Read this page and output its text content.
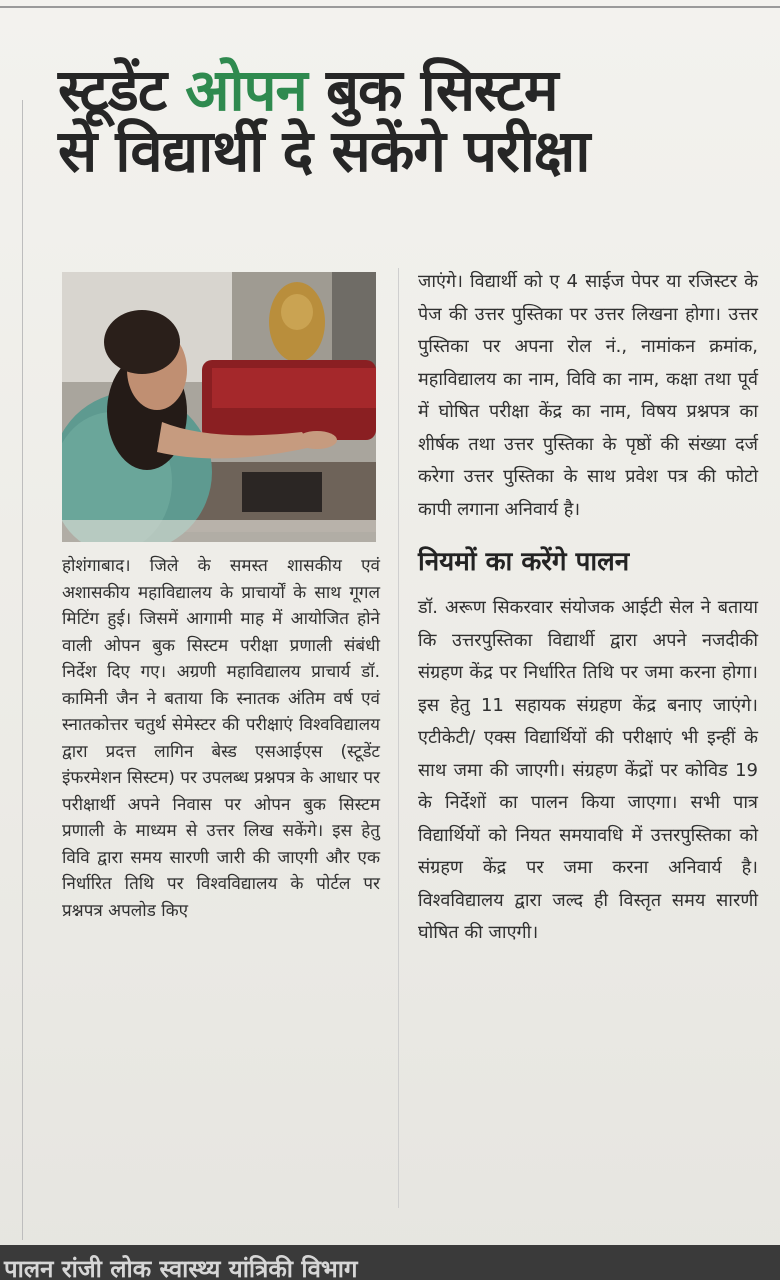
स्टूडेंट ओपन बुक सिस्टम
से विद्यार्थी दे सकेंगे परीक्षा

होशंगाबाद। जिले के समस्त शासकीय एवं अशासकीय महाविद्यालय के प्राचार्यों के साथ गूगल मिटिंग हुई। जिसमें आगामी माह में आयोजित होने वाली ओपन बुक सिस्टम परीक्षा प्रणाली संबंधी निर्देश दिए गए। अग्रणी महाविद्यालय प्राचार्य डॉ. कामिनी जैन ने बताया कि स्नातक अंतिम वर्ष एवं स्नातकोत्तर चतुर्थ सेमेस्टर की परीक्षाएं विश्वविद्यालय द्वारा प्रदत्त लागिन बेस्ड एसआईएस (स्टूडेंट इंफरमेशन सिस्टम) पर उपलब्ध प्रश्नपत्र के आधार पर परीक्षार्थी अपने निवास पर ओपन बुक सिस्टम प्रणाली के माध्यम से उत्तर लिख सकेंगे। इस हेतु विवि द्वारा समय सारणी जारी की जाएगी और एक निर्धारित तिथि पर विश्वविद्यालय के पोर्टल पर प्रश्नपत्र अपलोड किए

जाएंगे। विद्यार्थी को ए 4 साईज पेपर या रजिस्टर के पेज की उत्तर पुस्तिका पर उत्तर लिखना होगा। उत्तर पुस्तिका पर अपना रोल नं., नामांकन क्रमांक, महाविद्यालय का नाम, विवि का नाम, कक्षा तथा पूर्व में घोषित परीक्षा केंद्र का नाम, विषय प्रश्नपत्र का शीर्षक तथा उत्तर पुस्तिका के पृष्ठों की संख्या दर्ज करेगा उत्तर पुस्तिका के साथ प्रवेश पत्र की फोटो कापी लगाना अनिवार्य है।

नियमों का करेंगे पालन

डॉ. अरूण सिकरवार संयोजक आईटी सेल ने बताया कि उत्तरपुस्तिका विद्यार्थी द्वारा अपने नजदीकी संग्रहण केंद्र पर निर्धारित तिथि पर जमा करना होगा। इस हेतु 11 सहायक संग्रहण केंद्र बनाए जाएंगे। एटीकेटी/ एक्स विद्यार्थियों की परीक्षाएं भी इन्हीं के साथ जमा की जाएगी। संग्रहण केंद्रों पर कोविड 19 के निर्देशों का पालन किया जाएगा। सभी पात्र विद्यार्थियों को नियत समयावधि में उत्तरपुस्तिका को संग्रहण केंद्र पर जमा करना अनिवार्य है। विश्वविद्यालय द्वारा जल्द ही विस्तृत समय सारणी घोषित की जाएगी।

पालन रांजी लोक स्वास्थ्य यांत्रिकी विभाग
